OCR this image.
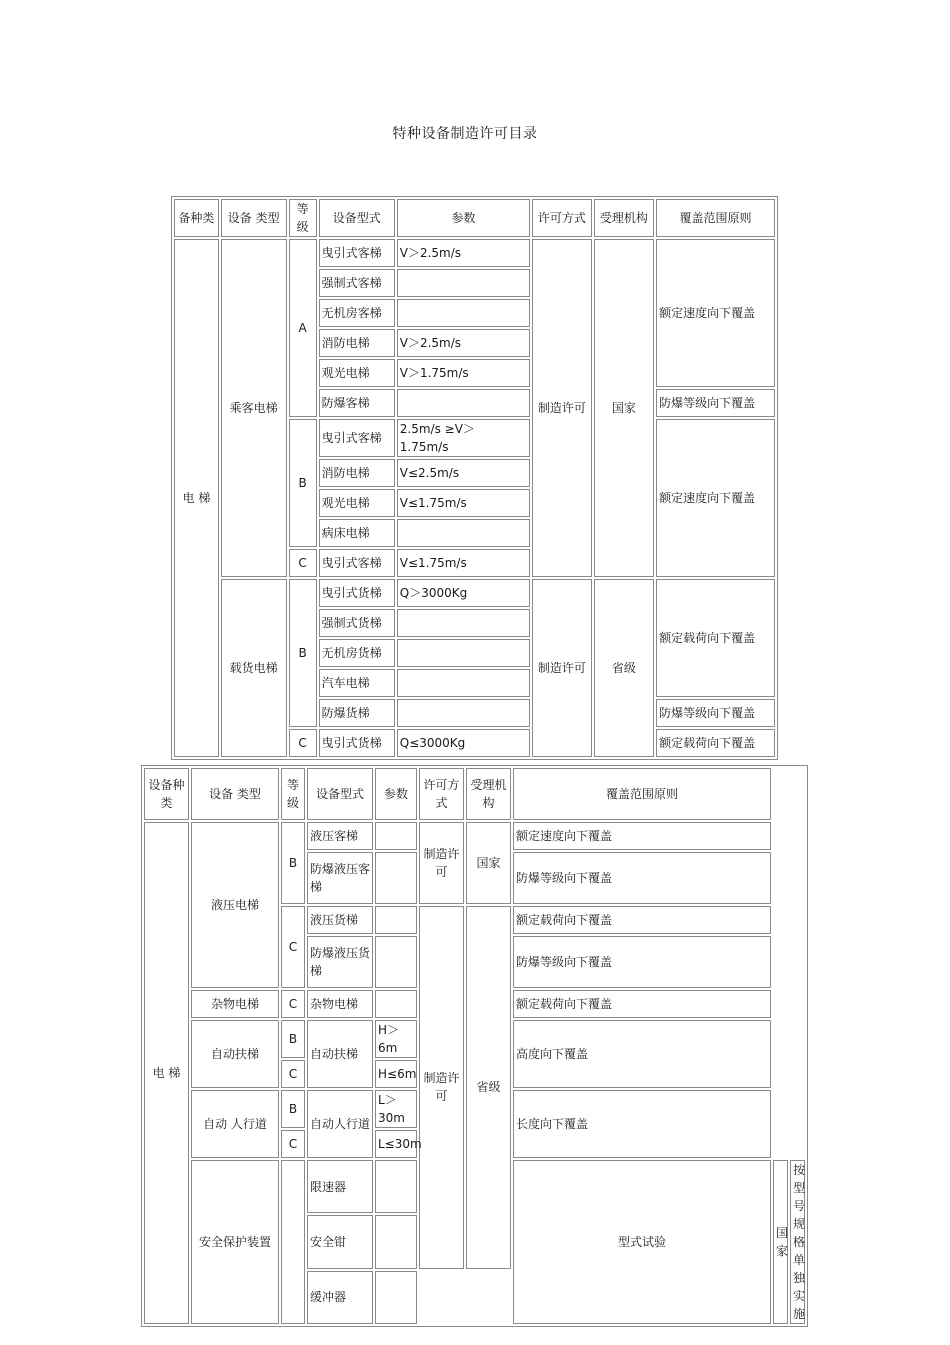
特种设备制造许可目录
备种类	设备 类型	等级	设备型式	参数	许可方式	受理机构	覆盖范围原则
电 梯	乘客电梯	A	曳引式客梯	V＞2.5m/s	制造许可	国家	额定速度向下覆盖
			强制式客梯				
			无机房客梯				
			消防电梯	V＞2.5m/s			
			观光电梯	V＞1.75m/s			
			防爆客梯				防爆等级向下覆盖
		B	曳引式客梯	2.5m/s ≥V＞ 1.75m/s			额定速度向下覆盖
			消防电梯	V≤2.5m/s			
			观光电梯	V≤1.75m/s			
			病床电梯				
		C	曳引式客梯	V≤1.75m/s			
	载货电梯	B	曳引式货梯	Q＞3000Kg	制造许可	省级	额定载荷向下覆盖
			强制式货梯				
			无机房货梯				
			汽车电梯				
			防爆货梯				防爆等级向下覆盖
		C	曳引式货梯	Q≤3000Kg			额定载荷向下覆盖
设备种类	设备 类型	等级	设备型式	参数	许可方式	受理机构	覆盖范围原则		
电 梯	液压电梯	B	液压客梯		制造许可	国家	额定速度向下覆盖		
			防爆液压客梯				防爆等级向下覆盖		
		C	液压货梯		制造许可	省级	额定载荷向下覆盖		
			防爆液压货梯				防爆等级向下覆盖		
	杂物电梯	C	杂物电梯				额定载荷向下覆盖		
	自动扶梯	B	自动扶梯	H＞6m			高度向下覆盖		
		C		H≤6m					
	自动 人行道	B	自动人行道	L＞30m			长度向下覆盖		
		C		L≤30m					
	安全保护装置		限速器				型式试验	国家	按型号规格单独实施
			安全钳						
			缓冲器						
